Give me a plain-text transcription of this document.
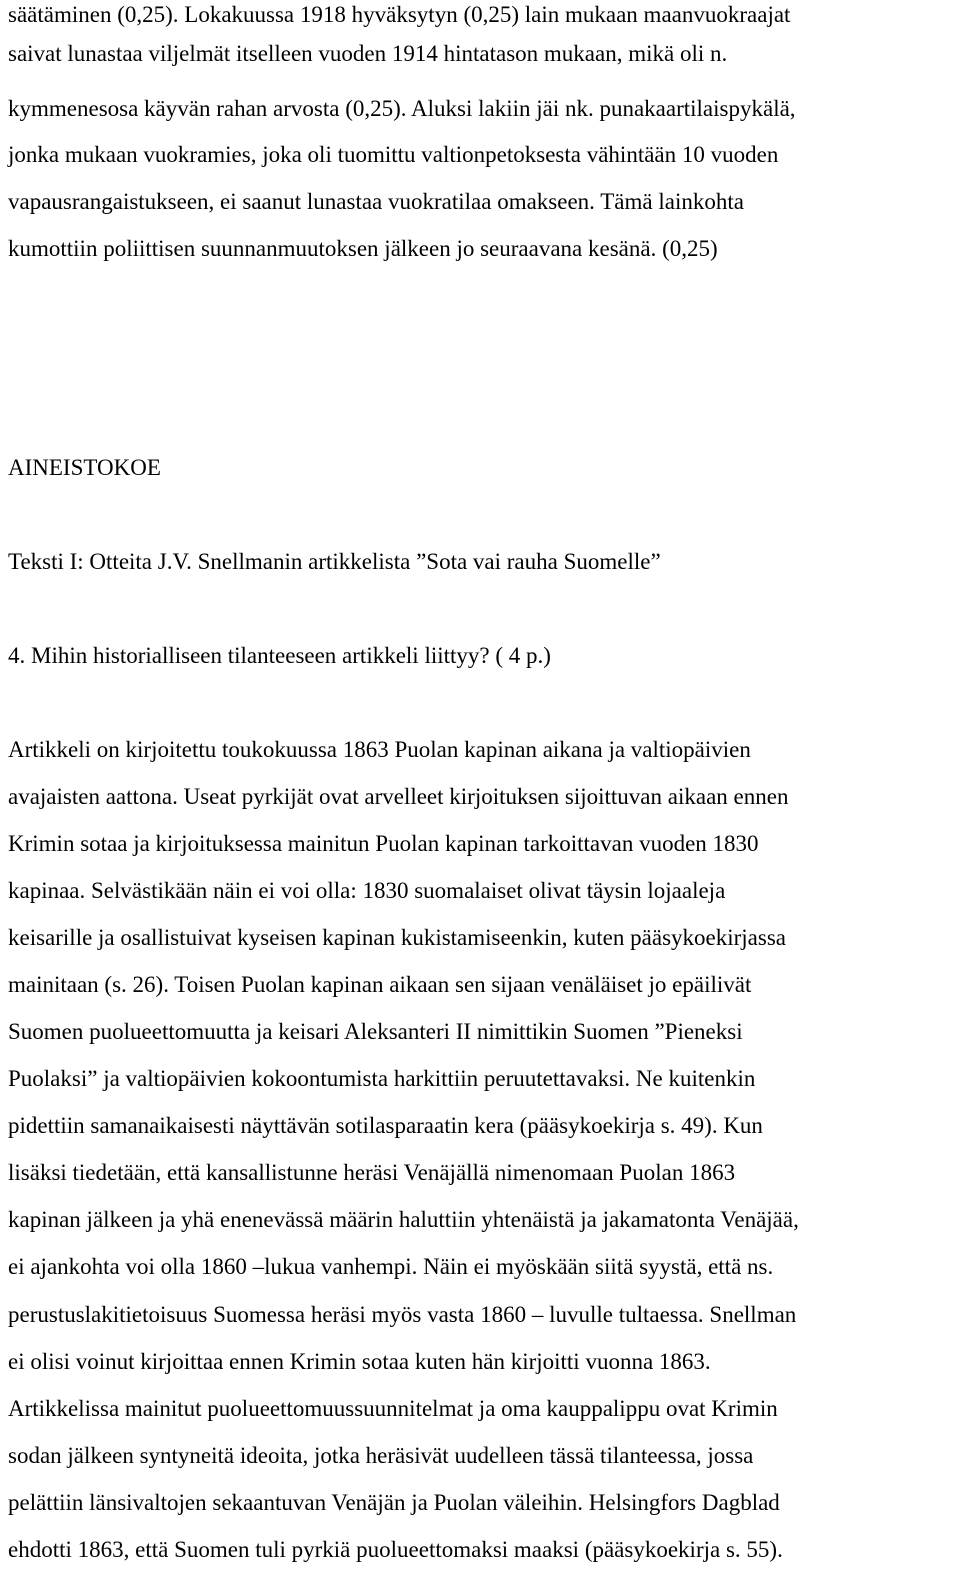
säätäminen (0,25). Lokakuussa 1918 hyväksytyn (0,25) lain mukaan maanvuokraajat
saivat lunastaa viljelmät itselleen vuoden 1914 hintatason mukaan, mikä oli n.
kymmenesosa käyvän rahan arvosta (0,25). Aluksi lakiin jäi nk. punakaartilaispykälä,
jonka mukaan vuokramies, joka oli tuomittu valtionpetoksesta vähintään 10 vuoden
vapausrangaistukseen, ei saanut lunastaa vuokratilaa omakseen. Tämä lainkohta
kumottiin poliittisen suunnanmuutoksen jälkeen jo seuraavana kesänä. (0,25)
AINEISTOKOE
Teksti I: Otteita J.V. Snellmanin artikkelista ”Sota vai rauha Suomelle”
4. Mihin historialliseen tilanteeseen artikkeli liittyy? ( 4 p.)
Artikkeli on kirjoitettu toukokuussa 1863 Puolan kapinan aikana ja valtiopäivien
avajaisten aattona. Useat pyrkijät ovat arvelleet kirjoituksen sijoittuvan aikaan ennen
Krimin sotaa ja kirjoituksessa mainitun Puolan kapinan tarkoittavan vuoden 1830
kapinaa. Selvästikään näin ei voi olla: 1830 suomalaiset olivat täysin lojaaleja
keisarille ja osallistuivat kyseisen kapinan kukistamiseenkin, kuten pääsykoekirjassa
mainitaan (s. 26). Toisen Puolan kapinan aikaan sen sijaan venäläiset jo epäilivät
Suomen puolueettomuutta ja keisari Aleksanteri II nimittikin Suomen ”Pieneksi
Puolaksi” ja valtiopäivien kokoontumista harkittiin peruutettavaksi. Ne kuitenkin
pidettiin samanaikaisesti näyttävän sotilasparaatin kera (pääsykoekirja s. 49). Kun
lisäksi tiedetään, että kansallistunne heräsi Venäjällä nimenomaan Puolan 1863
kapinan jälkeen ja yhä enenevässä määrin haluttiin yhtenäistä ja jakamatonta Venäjää,
ei ajankohta voi olla 1860 –lukua vanhempi. Näin ei myöskään siitä syystä, että ns.
perustuslakitietoisuus Suomessa heräsi myös vasta 1860 – luvulle tultaessa. Snellman
ei olisi voinut kirjoittaa ennen Krimin sotaa kuten hän kirjoitti vuonna 1863.
Artikkelissa mainitut puolueettomuussuunnitelmat ja oma kauppalippu ovat Krimin
sodan jälkeen syntyneitä ideoita, jotka heräsivät uudelleen tässä tilanteessa, jossa
pelättiin länsivaltojen sekaantuvan Venäjän ja Puolan väleihin. Helsingfors Dagblad
ehdotti 1863, että Suomen tuli pyrkiä puolueettomaksi maaksi (pääsykoekirja s. 55).
